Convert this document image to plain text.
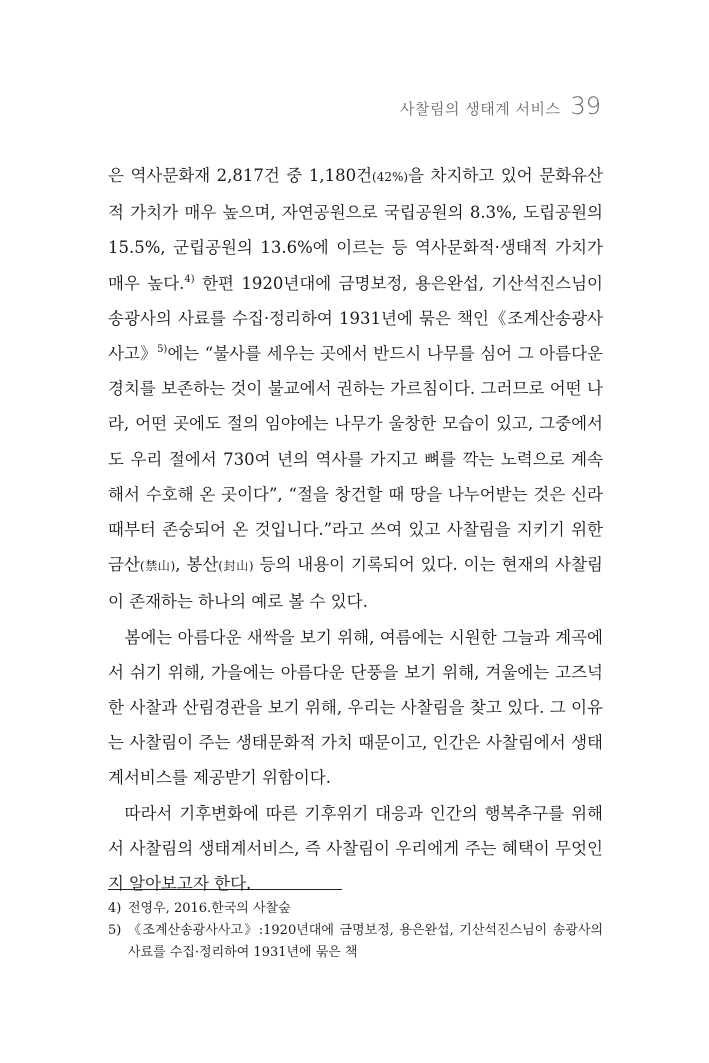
사찰림의 생태계 서비스 39

은 역사문화재 2,817건 중 1,180건(42%)을 차지하고 있어 문화유산적 가치가 매우 높으며, 자연공원으로 국립공원의 8.3%, 도립공원의 15.5%, 군립공원의 13.6%에 이르는 등 역사문화적·생태적 가치가 매우 높다.$^{4)}$ 한편 1920년대에 금명보정, 용은완섭, 기산석진스님이 송광사의 사료를 수집·정리하여 1931년에 묶은 책인《조계산송광사사고》$^{5)}$에는 “불사를 세우는 곳에서 반드시 나무를 심어 그 아름다운 경치를 보존하는 것이 불교에서 권하는 가르침이다. 그러므로 어떤 나라, 어떤 곳에도 절의 임야에는 나무가 울창한 모습이 있고, 그중에서도 우리 절에서 730여 년의 역사를 가지고 뼈를 깍는 노력으로 계속해서 수호해 온 곳이다”, “절을 창건할 때 땅을 나누어받는 것은 신라 때부터 존숭되어 온 것입니다.”라고 쓰여 있고 사찰림을 지키기 위한 금산(禁山), 봉산(封山) 등의 내용이 기록되어 있다. 이는 현재의 사찰림이 존재하는 하나의 예로 볼 수 있다.

봄에는 아름다운 새싹을 보기 위해, 여름에는 시원한 그늘과 계곡에서 쉬기 위해, 가을에는 아름다운 단풍을 보기 위해, 겨울에는 고즈넉한 사찰과 산림경관을 보기 위해, 우리는 사찰림을 찾고 있다. 그 이유는 사찰림이 주는 생태문화적 가치 때문이고, 인간은 사찰림에서 생태계서비스를 제공받기 위함이다.

따라서 기후변화에 따른 기후위기 대응과 인간의 행복추구를 위해서 사찰림의 생태계서비스, 즉 사찰림이 우리에게 주는 혜택이 무엇인지 알아보고자 한다.

4) 전영우, 2016.한국의 사찰숲
5) 《조계산송광사사고》:1920년대에 금명보정, 용은완섭, 기산석진스님이 송광사의 사료를 수집·정리하여 1931년에 묶은 책
